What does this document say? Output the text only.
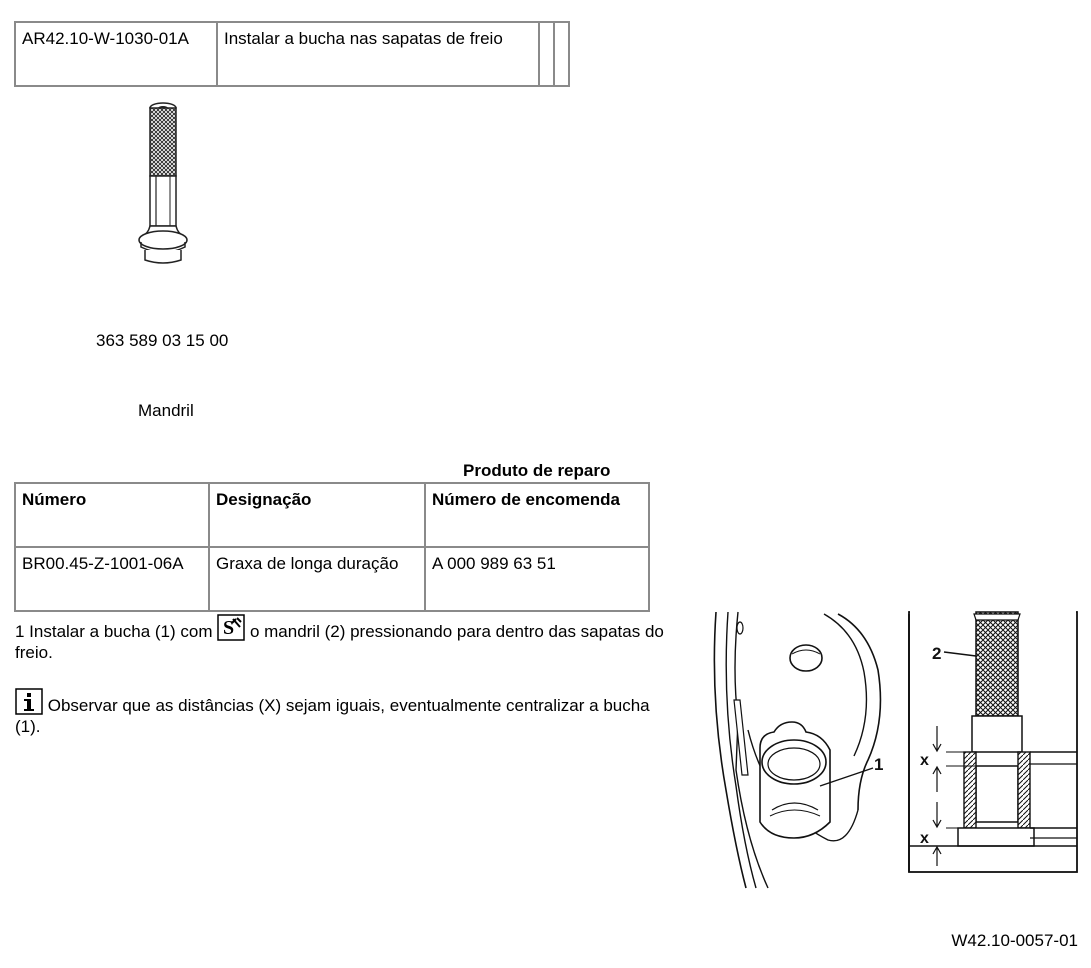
AR42.10-W-1030-01A	Instalar a bucha nas sapatas de freio		
363 589 03 15 00
Mandril
Produto de reparo
Número	Designação	Número de encomenda
BR00.45-Z-1001-06A	Graxa de longa duração	A 000 989 63 51
1 Instalar a bucha (1) com S o mandril (2) pressionando para dentro das sapatas do freio.
Observar que as distâncias (X) sejam iguais, eventualmente centralizar a bucha (1).
1 x
x
2
W42.10-0057-01
